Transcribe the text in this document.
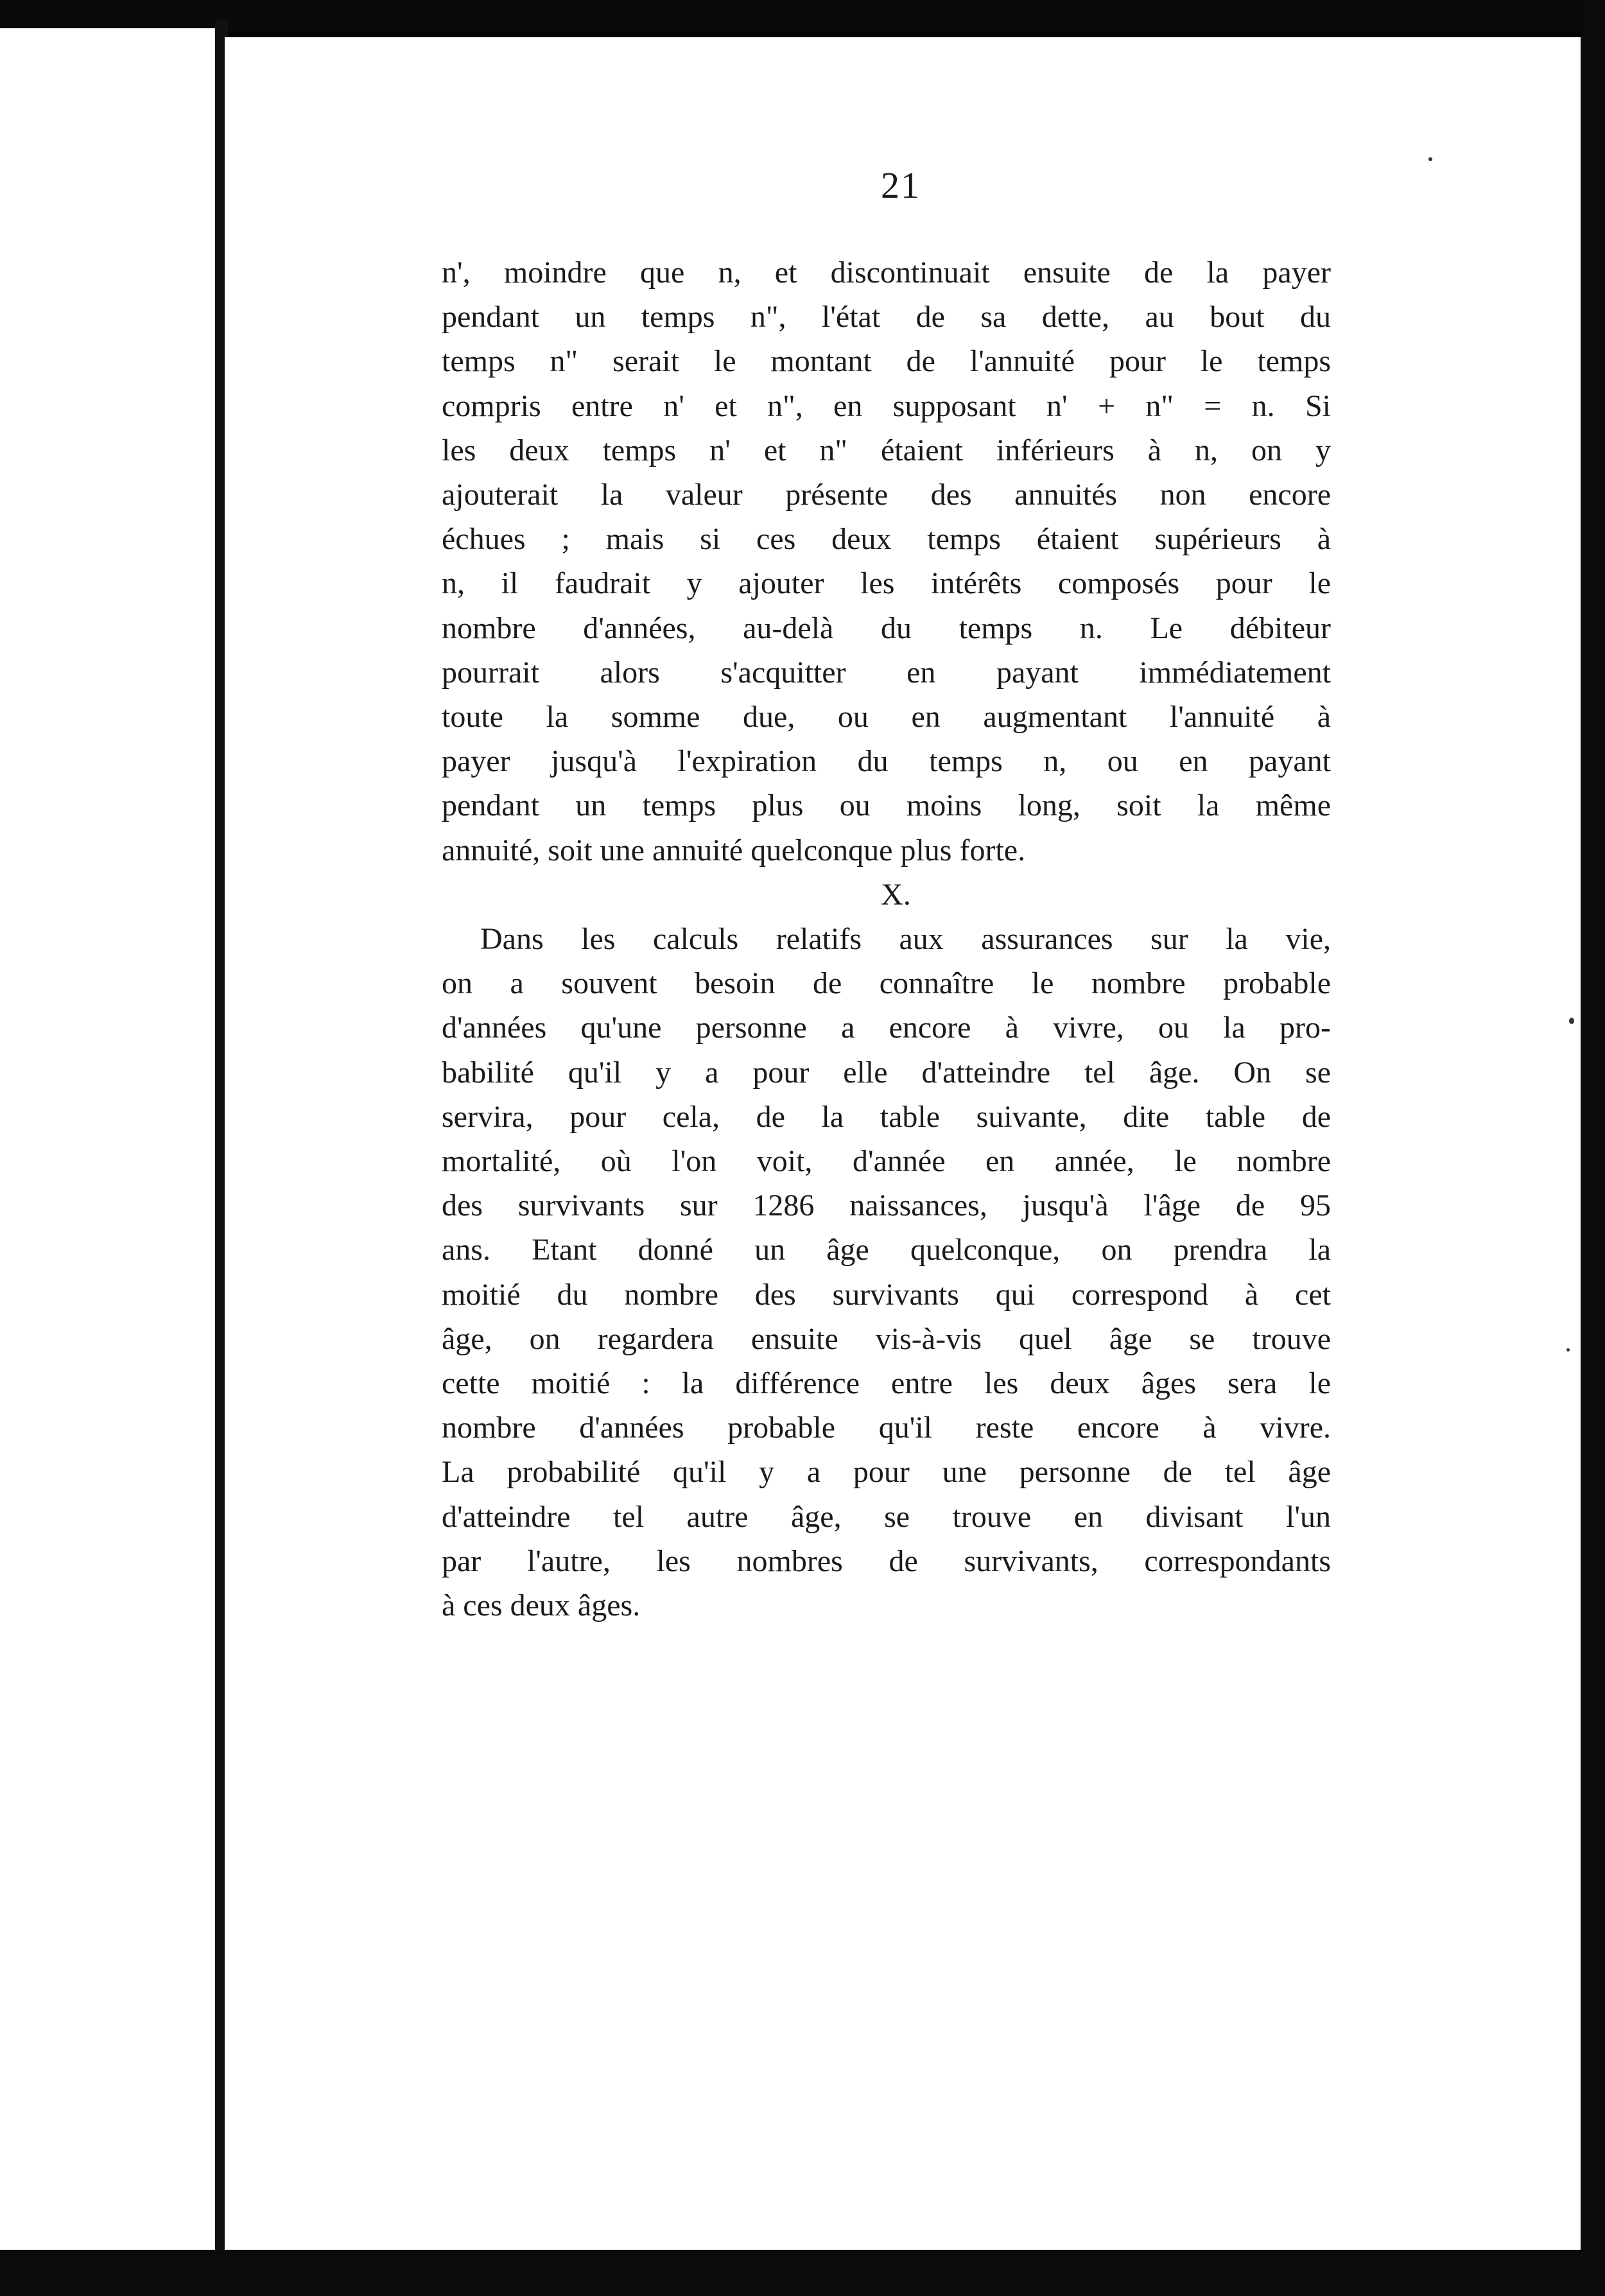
21
n', moindre que n, et discontinuait ensuite de la payer
pendant un temps n", l'état de sa dette, au bout du
temps n" serait le montant de l'annuité pour le temps
compris entre n' et n", en supposant n' + n" = n. Si
les deux temps n' et n" étaient inférieurs à n, on y
ajouterait la valeur présente des annuités non encore
échues ; mais si ces deux temps étaient supérieurs à
n, il faudrait y ajouter les intérêts composés pour le
nombre d'années, au-delà du temps n. Le débiteur
pourrait alors s'acquitter en payant immédiatement
toute la somme due, ou en augmentant l'annuité à
payer jusqu'à l'expiration du temps n, ou en payant
pendant un temps plus ou moins long, soit la même
annuité, soit une annuité quelconque plus forte.
X.
Dans les calculs relatifs aux assurances sur la vie,
on a souvent besoin de connaître le nombre probable
d'années qu'une personne a encore à vivre, ou la pro-
babilité qu'il y a pour elle d'atteindre tel âge. On se
servira, pour cela, de la table suivante, dite table de
mortalité, où l'on voit, d'année en année, le nombre
des survivants sur 1286 naissances, jusqu'à l'âge de 95
ans. Etant donné un âge quelconque, on prendra la
moitié du nombre des survivants qui correspond à cet
âge, on regardera ensuite vis-à-vis quel âge se trouve
cette moitié : la différence entre les deux âges sera le
nombre d'années probable qu'il reste encore à vivre.
La probabilité qu'il y a pour une personne de tel âge
d'atteindre tel autre âge, se trouve en divisant l'un
par l'autre, les nombres de survivants, correspondants
à ces deux âges.
